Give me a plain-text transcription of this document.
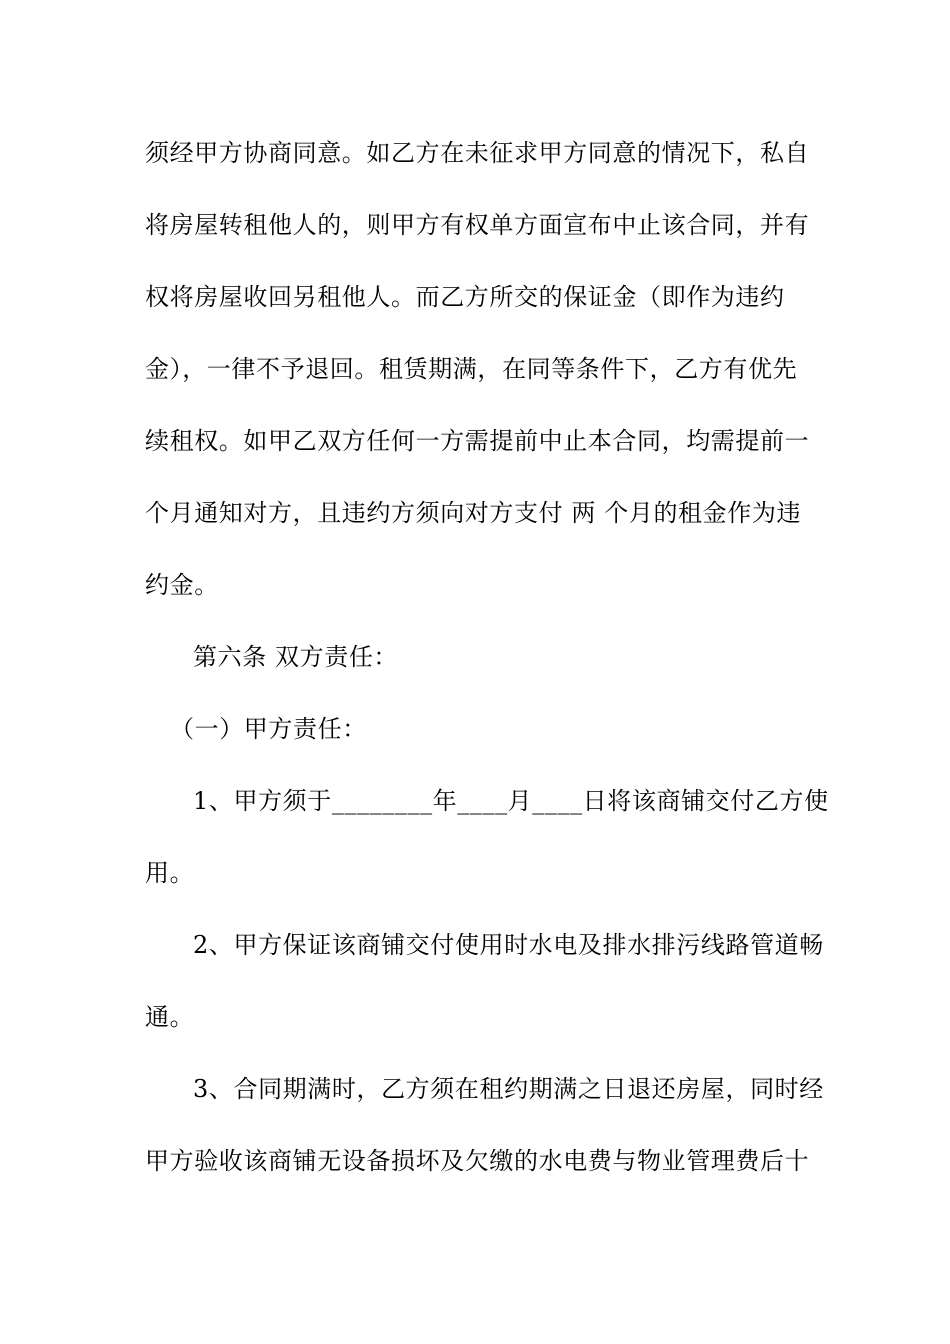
须经甲方协商同意。如乙方在未征求甲方同意的情况下，私自
将房屋转租他人的，则甲方有权单方面宣布中止该合同，并有
权将房屋收回另租他人。而乙方所交的保证金（即作为违约
金），一律不予退回。租赁期满，在同等条件下，乙方有优先
续租权。如甲乙双方任何一方需提前中止本合同，均需提前一
个月通知对方，且违约方须向对方支付 两 个月的租金作为违
约金。
第六条 双方责任：
（一）甲方责任：
1、甲方须于________年____月____日将该商铺交付乙方使
用。
2、甲方保证该商铺交付使用时水电及排水排污线路管道畅
通。
3、合同期满时，乙方须在租约期满之日退还房屋，同时经
甲方验收该商铺无设备损坏及欠缴的水电费与物业管理费后十
